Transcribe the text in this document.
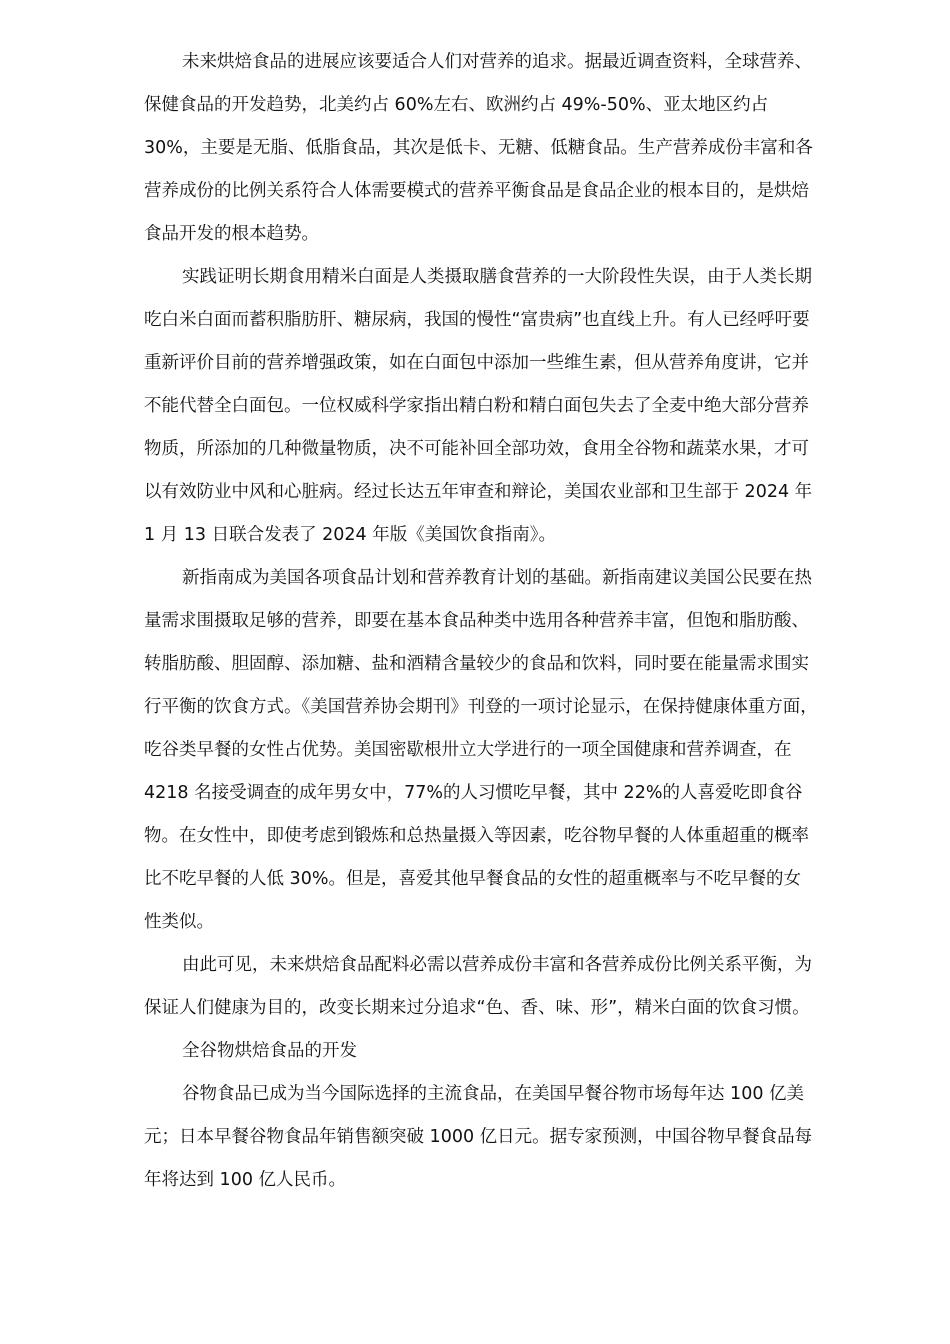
未来烘焙食品的进展应该要适合人们对营养的追求。据最近调查资料，全球营养、
保健食品的开发趋势，北美约占 60%左右、欧洲约占 49%-50%、亚太地区约占
30%，主要是无脂、低脂食品，其次是低卡、无糖、低糖食品。生产营养成份丰富和各
营养成份的比例关系符合人体需要模式的营养平衡食品是食品企业的根本目的，是烘焙
食品开发的根本趋势。
实践证明长期食用精米白面是人类摄取膳食营养的一大阶段性失误，由于人类长期
吃白米白面而蓄积脂肪肝、糖尿病，我国的慢性“富贵病”也直线上升。有人已经呼吁要
重新评价目前的营养增强政策，如在白面包中添加一些维生素，但从营养角度讲，它并
不能代替全白面包。一位权威科学家指出精白粉和精白面包失去了全麦中绝大部分营养
物质，所添加的几种微量物质，决不可能补回全部功效，食用全谷物和蔬菜水果，才可
以有效防业中风和心脏病。经过长达五年审查和辩论，美国农业部和卫生部于 2024 年
1 月 13 日联合发表了 2024 年版《美国饮食指南》。
新指南成为美国各项食品计划和营养教育计划的基础。新指南建议美国公民要在热
量需求围摄取足够的营养，即要在基本食品种类中选用各种营养丰富，但饱和脂肪酸、
转脂肪酸、胆固醇、添加糖、盐和酒精含量较少的食品和饮料，同时要在能量需求围实
行平衡的饮食方式。《美国营养协会期刊》刊登的一项讨论显示，在保持健康体重方面，
吃谷类早餐的女性占优势。美国密歇根卅立大学进行的一项全国健康和营养调查，在
4218 名接受调查的成年男女中，77%的人习惯吃早餐，其中 22%的人喜爱吃即食谷
物。在女性中，即使考虑到锻炼和总热量摄入等因素，吃谷物早餐的人体重超重的概率
比不吃早餐的人低 30%。但是，喜爱其他早餐食品的女性的超重概率与不吃早餐的女
性类似。
由此可见，未来烘焙食品配料必需以营养成份丰富和各营养成份比例关系平衡，为
保证人们健康为目的，改变长期来过分追求“色、香、味、形”，精米白面的饮食习惯。
全谷物烘焙食品的开发
谷物食品已成为当今国际选择的主流食品，在美国早餐谷物市场每年达 100 亿美
元；日本早餐谷物食品年销售额突破 1000 亿日元。据专家预测，中国谷物早餐食品每
年将达到 100 亿人民币。
